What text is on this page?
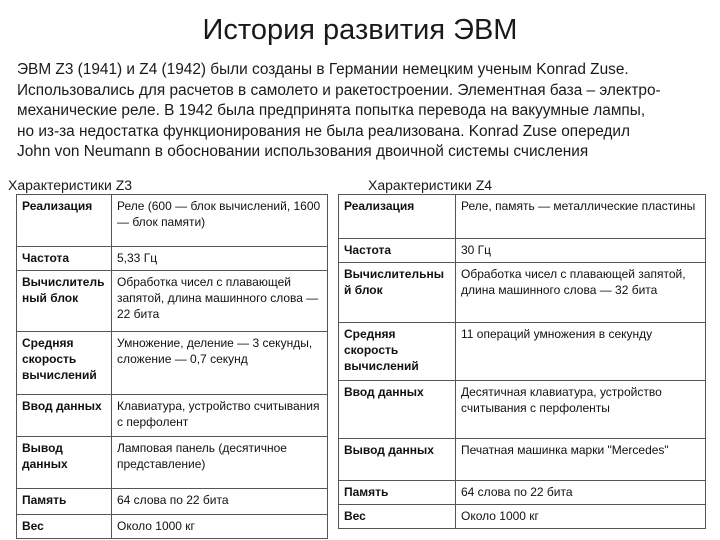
История развития ЭВМ
ЭВМ Z3 (1941) и Z4 (1942) были созданы в Германии немецким ученым Konrad Zuse.
Использовались для расчетов в самолето и ракетостроении. Элементная база – электро-
механические реле. В 1942 была предпринята попытка перевода на вакуумные лампы,
но из-за недостатка функционирования не была реализована. Konrad Zuse опередил
John von Neumann в обосновании использования двоичной системы счисления
Характеристики Z3	Характеристики Z4
Реализация	Реле (600 — блок вычислений, 1600 — блок памяти)
Частота	5,33 Гц
Вычислитель ный блок	Обработка чисел с плавающей запятой, длина машинного слова — 22 бита
Средняя скорость вычислений	Умножение, деление — 3 секунды, сложение — 0,7 секунд
Ввод данных	Клавиатура, устройство считывания с перфолент
Вывод данных	Ламповая панель (десятичное представление)
Память	64 слова по 22 бита
Вес	Около 1000 кг
Реализация	Реле, память — металлические пластины
Частота	30 Гц
Вычислительны й блок	Обработка чисел с плавающей запятой, длина машинного слова — 32 бита
Средняя скорость вычислений	11 операций умножения в секунду
Ввод данных	Десятичная клавиатура, устройство считывания с перфоленты
Вывод данных	Печатная машинка марки "Mercedes"
Память	64 слова по 22 бита
Вес	Около 1000 кг
